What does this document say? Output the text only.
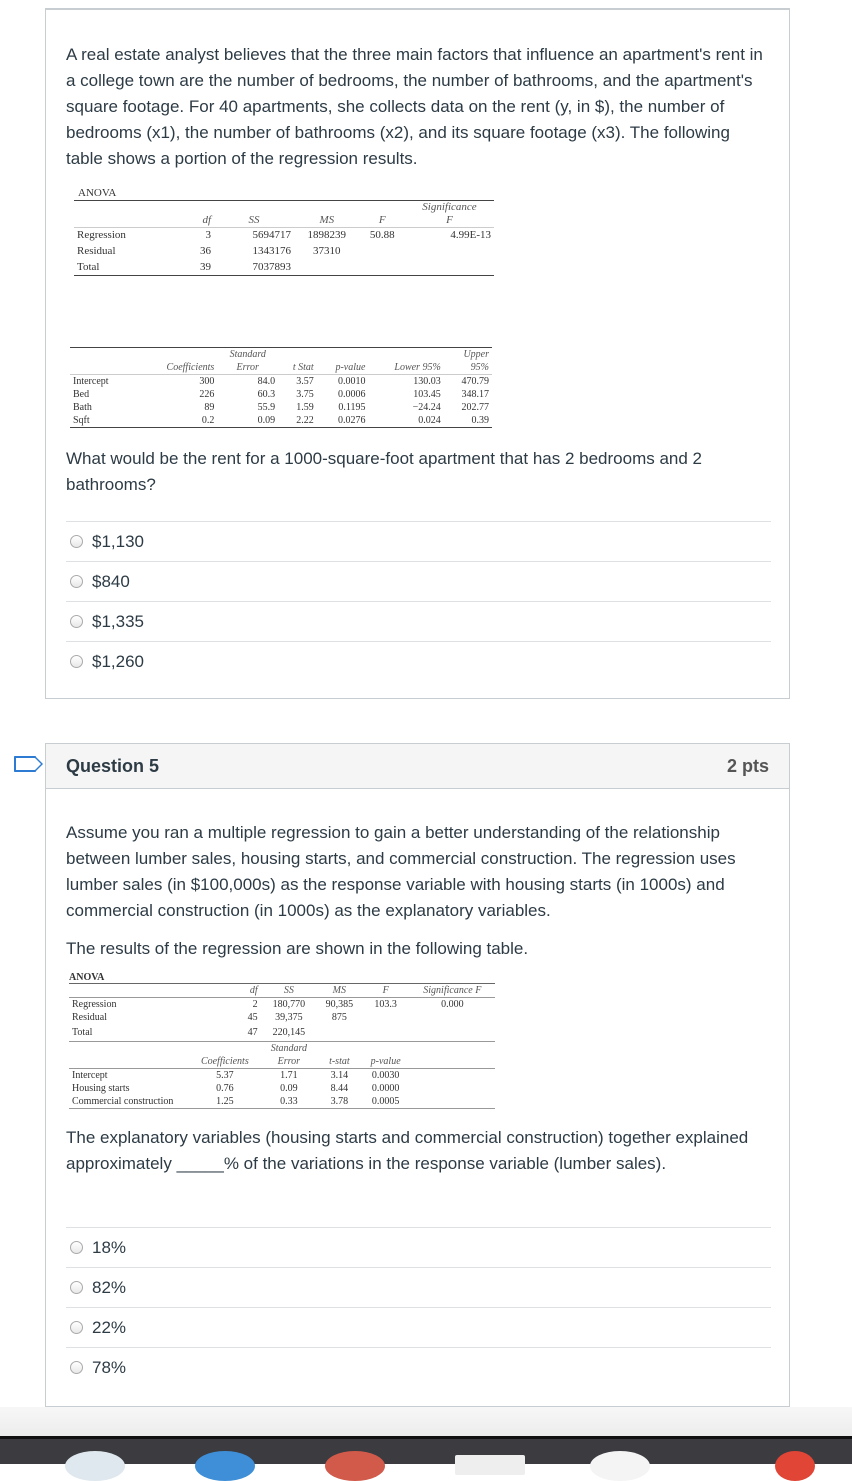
A real estate analyst believes that the three main factors that influence an apartment's rent in a college town are the number of bedrooms, the number of bathrooms, and the apartment's square footage. For 40 apartments, she collects data on the rent (y, in $), the number of bedrooms (x1), the number of bathrooms (x2), and its square footage (x3). The following table shows a portion of the regression results.

ANOVA
					Significance
	df	SS	MS	F	F
Regression	3	5694717	1898239	50.88	4.99E-13
Residual	36	1343176	37310		
Total	39	7037893			
		Standard				Upper
	Coefficients	Error	t Stat	p-value	Lower 95%	95%
Intercept	300	84.0	3.57	0.0010	130.03	470.79
Bed	226	60.3	3.75	0.0006	103.45	348.17
Bath	89	55.9	1.59	0.1195	−24.24	202.77
Sqft	0.2	0.09	2.22	0.0276	0.024	0.39

What would be the rent for a 1000-square-foot apartment that has 2 bedrooms and 2 bathrooms?

$1,130
$840
$1,335
$1,260
Question 5	2 pts

Assume you ran a multiple regression to gain a better understanding of the relationship between lumber sales, housing starts, and commercial construction. The regression uses lumber sales (in $100,000s) as the response variable with housing starts (in 1000s) and commercial construction (in 1000s) as the explanatory variables.

The results of the regression are shown in the following table.

ANOVA
	df	SS	MS	F	Significance F
Regression	2	180,770	90,385	103.3	0.000
Residual	45	39,375	875		
Total	47	220,145			
		Standard			
	Coefficients	Error	t-stat	p-value	
Intercept	5.37	1.71	3.14	0.0030	
Housing starts	0.76	0.09	8.44	0.0000	
Commercial construction	1.25	0.33	3.78	0.0005	

The explanatory variables (housing starts and commercial construction) together explained approximately _____% of the variations in the response variable (lumber sales).

18%
82%
22%
78%
